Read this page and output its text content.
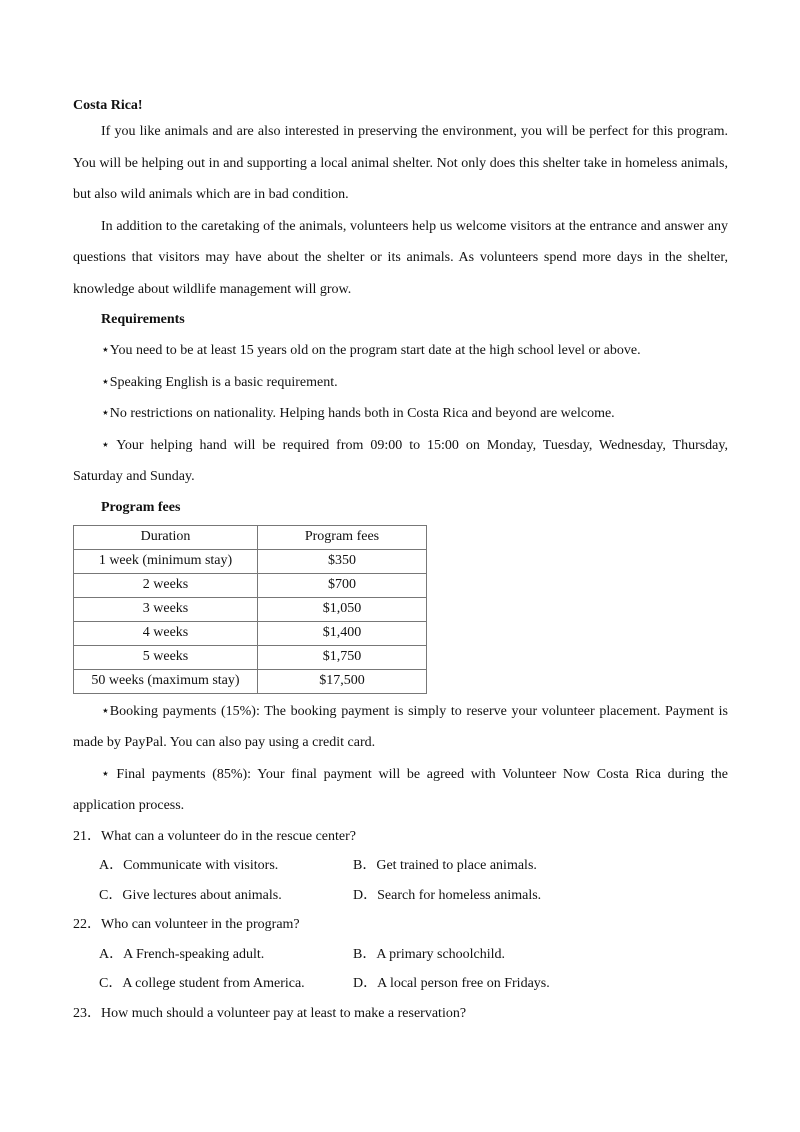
Costa Rica!

If you like animals and are also interested in preserving the environment, you will be perfect for this program. You will be helping out in and supporting a local animal shelter. Not only does this shelter take in homeless animals, but also wild animals which are in bad condition.

In addition to the caretaking of the animals, volunteers help us welcome visitors at the entrance and answer any questions that visitors may have about the shelter or its animals. As volunteers spend more days in the shelter, knowledge about wildlife management will grow.

Requirements

⋆You need to be at least 15 years old on the program start date at the high school level or above.

⋆Speaking English is a basic requirement.

⋆No restrictions on nationality. Helping hands both in Costa Rica and beyond are welcome.

⋆ Your helping hand will be required from 09:00 to 15:00 on Monday, Tuesday, Wednesday, Thursday, Saturday and Sunday.

Program fees

Duration	Program fees
1 week (minimum stay)	$350
2 weeks	$700
3 weeks	$1,050
4 weeks	$1,400
5 weeks	$1,750
50 weeks (maximum stay)	$17,500

⋆Booking payments (15%): The booking payment is simply to reserve your volunteer placement. Payment is made by PayPal. You can also pay using a credit card.

⋆ Final payments (85%): Your final payment will be agreed with Volunteer Now Costa Rica during the application process.

21．What can a volunteer do in the rescue center?

A．Communicate with visitors.	B．Get trained to place animals.
C．Give lectures about animals.	D．Search for homeless animals.

22．Who can volunteer in the program?

A．A French-speaking adult.	B．A primary schoolchild.
C．A college student from America.	D．A local person free on Fridays.

23．How much should a volunteer pay at least to make a reservation?
